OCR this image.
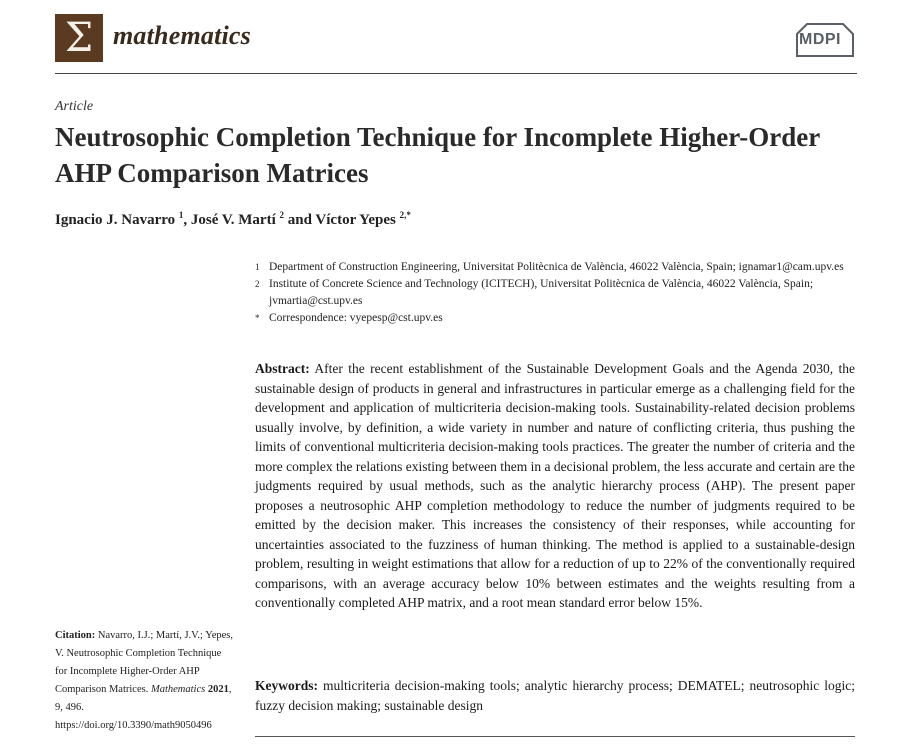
Σ mathematics	MDPI
Article
Neutrosophic Completion Technique for Incomplete Higher-Order AHP Comparison Matrices
Ignacio J. Navarro $^1$, José V. Martí $^2$ and Víctor Yepes $^{2,*}$
1 Department of Construction Engineering, Universitat Politècnica de València, 46022 València, Spain; ignamar1@cam.upv.es
2 Institute of Concrete Science and Technology (ICITECH), Universitat Politècnica de València, 46022 València, Spain; jvmartia@cst.upv.es
* Correspondence: vyepesp@cst.upv.es

Abstract: After the recent establishment of the Sustainable Development Goals and the Agenda 2030, the sustainable design of products in general and infrastructures in particular emerge as a challenging field for the development and application of multicriteria decision-making tools. Sustainability-related decision problems usually involve, by definition, a wide variety in number and nature of conflicting criteria, thus pushing the limits of conventional multicriteria decision-making tools practices. The greater the number of criteria and the more complex the relations existing between them in a decisional problem, the less accurate and certain are the judgments required by usual methods, such as the analytic hierarchy process (AHP). The present paper proposes a neutrosophic AHP completion methodology to reduce the number of judgments required to be emitted by the decision maker. This increases the consistency of their responses, while accounting for uncertainties associated to the fuzziness of human thinking. The method is applied to a sustainable-design problem, resulting in weight estimations that allow for a reduction of up to 22% of the conventionally required comparisons, with an average accuracy below 10% between estimates and the weights resulting from a conventionally completed AHP matrix, and a root mean standard error below 15%.

Keywords: multicriteria decision-making tools; analytic hierarchy process; DEMATEL; neutrosophic logic; fuzzy decision making; sustainable design

Citation: Navarro, I.J.; Martí, J.V.; Yepes, V. Neutrosophic Completion Technique for Incomplete Higher-Order AHP Comparison Matrices. Mathematics 2021, 9, 496. https://doi.org/10.3390/math9050496
